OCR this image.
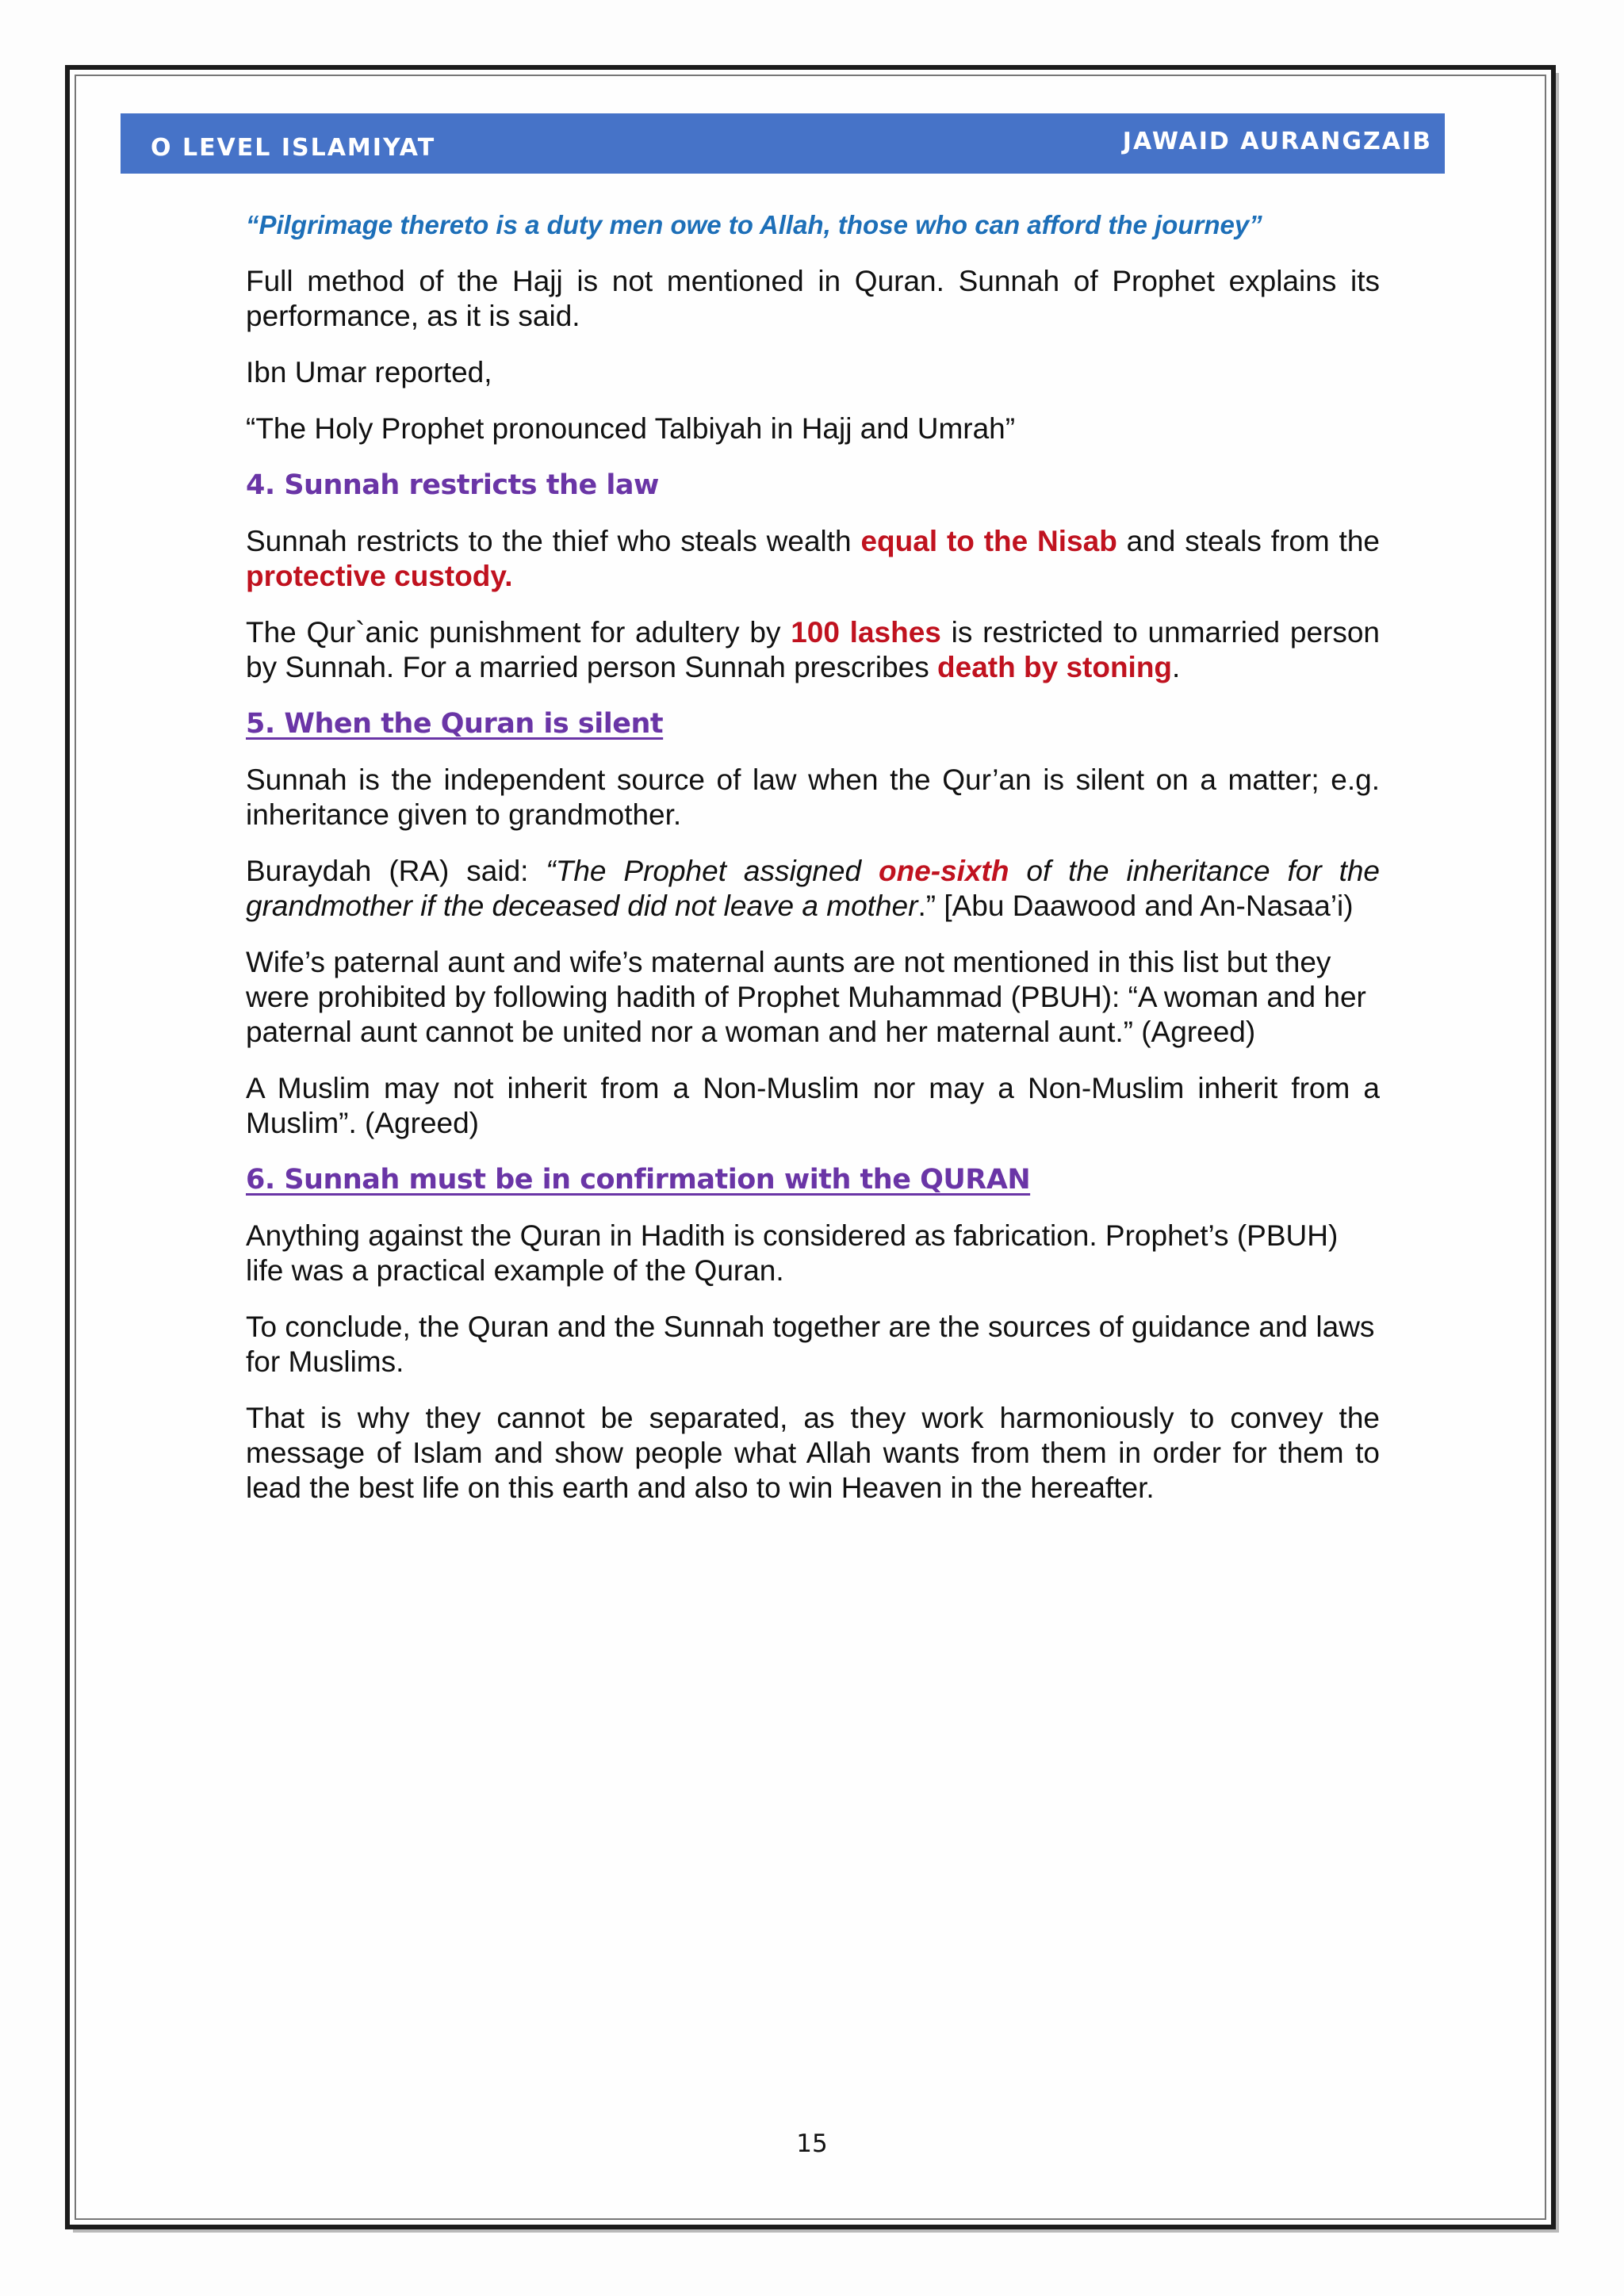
O LEVEL ISLAMIYAT	JAWAID AURANGZAIB

“Pilgrimage thereto is a duty men owe to Allah, those who can afford the journey”

Full method of the Hajj is not mentioned in Quran. Sunnah of Prophet explains its performance, as it is said.

Ibn Umar reported,

“The Holy Prophet pronounced Talbiyah in Hajj and Umrah”

4. Sunnah restricts the law

Sunnah restricts to the thief who steals wealth equal to the Nisab and steals from the protective custody.

The Qur`anic punishment for adultery by 100 lashes is restricted to unmarried person by Sunnah. For a married person Sunnah prescribes death by stoning.

5. When the Quran is silent

Sunnah is the independent source of law when the Qur’an is silent on a matter; e.g. inheritance given to grandmother.

Buraydah (RA) said: “The Prophet assigned one-sixth of the inheritance for the grandmother if the deceased did not leave a mother.” [Abu Daawood and An-Nasaa’i)

Wife’s paternal aunt and wife’s maternal aunts are not mentioned in this list but they were prohibited by following hadith of Prophet Muhammad (PBUH): “A woman and her paternal aunt cannot be united nor a woman and her maternal aunt.” (Agreed)

A Muslim may not inherit from a Non-Muslim nor may a Non-Muslim inherit from a Muslim”. (Agreed)

6. Sunnah must be in confirmation with the QURAN

Anything against the Quran in Hadith is considered as fabrication. Prophet’s (PBUH) life was a practical example of the Quran.

To conclude, the Quran and the Sunnah together are the sources of guidance and laws for Muslims.

That is why they cannot be separated, as they work harmoniously to convey the message of Islam and show people what Allah wants from them in order for them to lead the best life on this earth and also to win Heaven in the hereafter.

15
